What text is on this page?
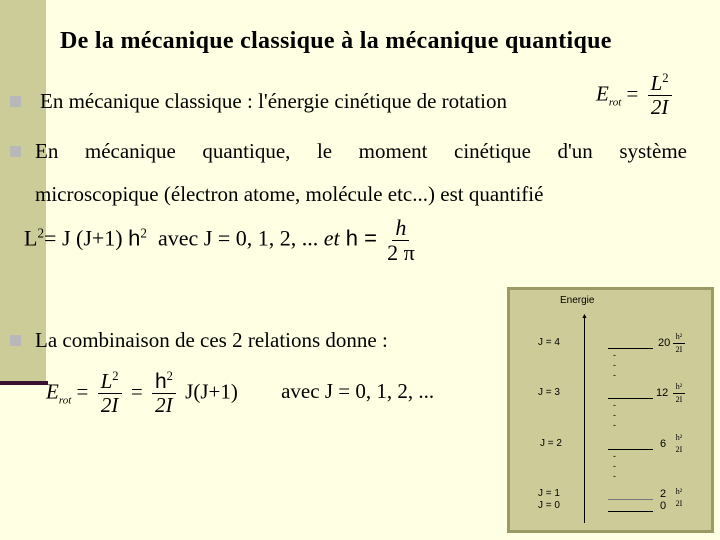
De la mécanique classique à la mécanique quantique
En mécanique classique : l'énergie cinétique de rotation	$E_{rot} = \frac{L^2}{2I}$
En mécanique quantique, le moment cinétique d'un système
microscopique (électron atome, molécule etc...) est quantifié
$L^2= J$ (J+1) $h^2$ avec J = 0, 1, 2, ... et $h = \frac{h}{2 \pi}$
La combinaison de ces 2 relations donne :
$E_{rot} = \frac{L^2}{2I} = \frac{h^2}{2I} J(J+1)$ avec J = 0, 1, 2, ...
Energie
▲
J = 4	20
h²
2I
-
-
-
J = 3	12
h²
2I
-
-
-
J = 2	6
h²
2I
-
-
-
J = 1	2
J = 0	0
h²
2I
